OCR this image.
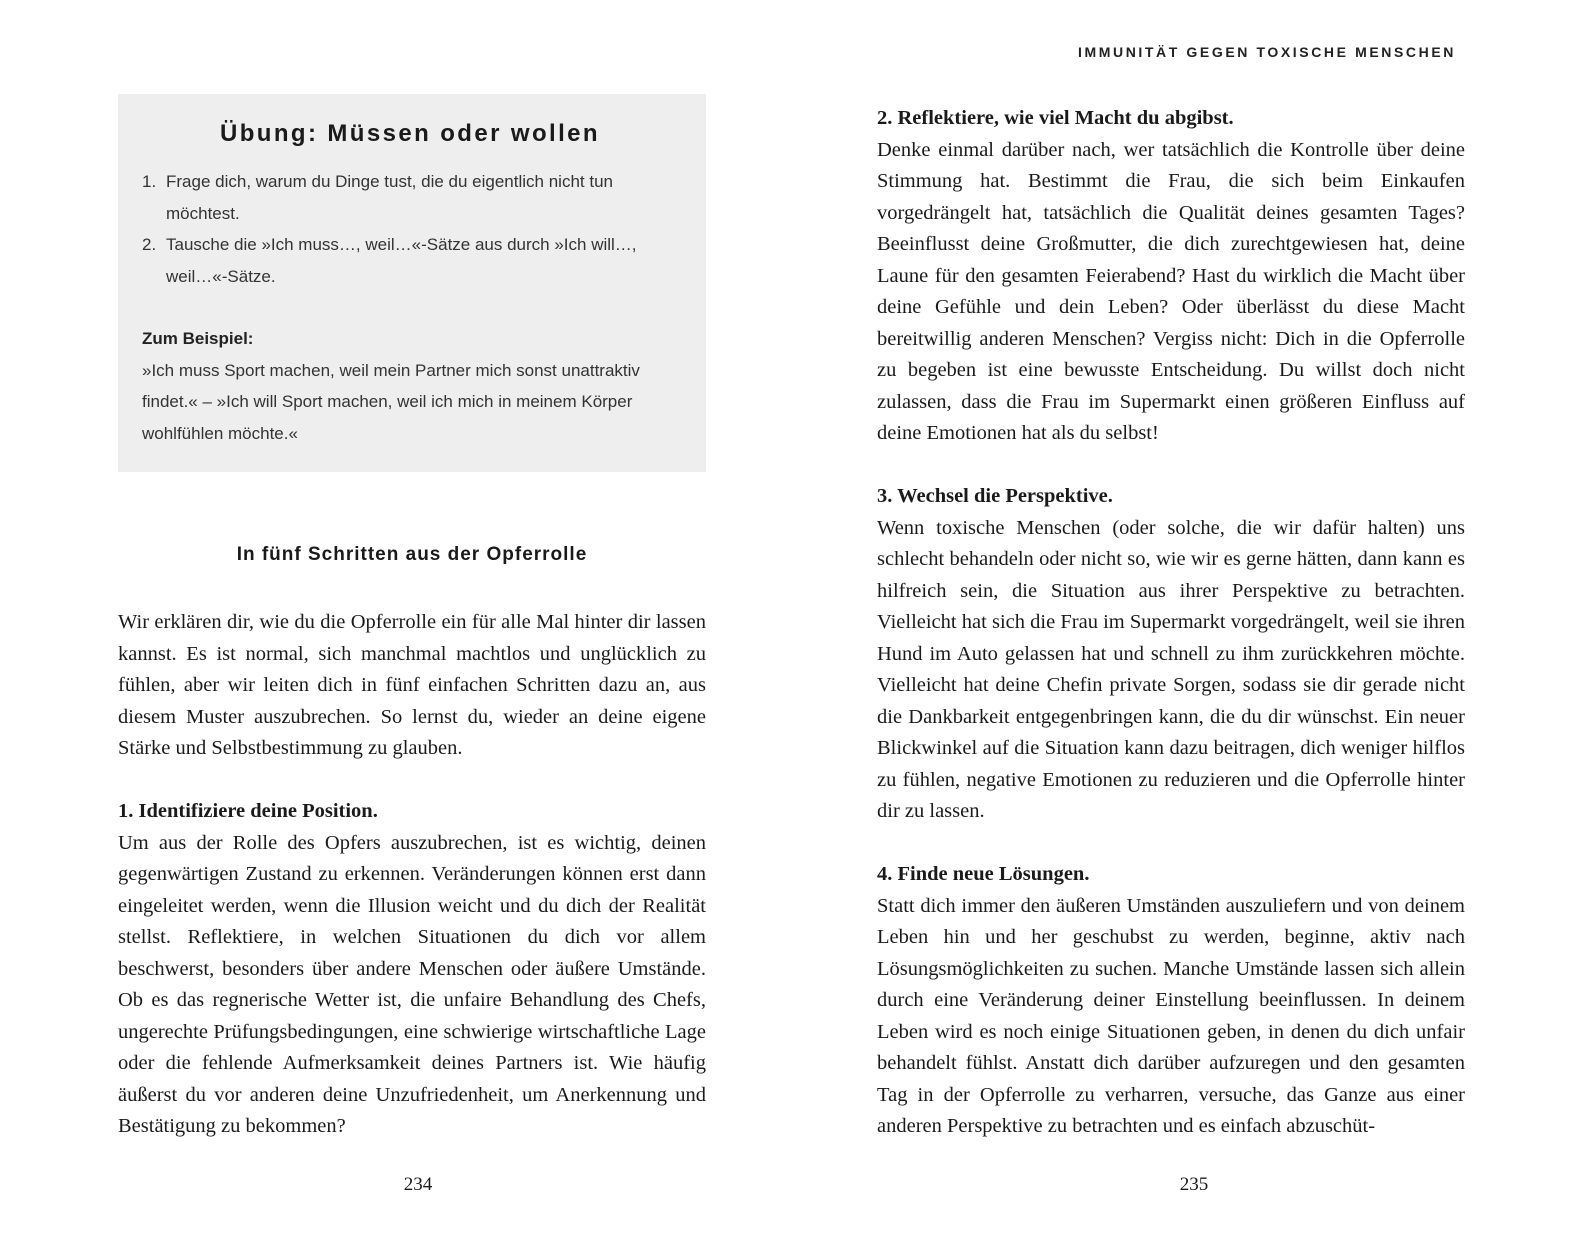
Übung: Müssen oder wollen
1. Frage dich, warum du Dinge tust, die du eigentlich nicht tun möchtest.
2. Tausche die »Ich muss…, weil…«-Sätze aus durch »Ich will…, weil…«-Sätze.
Zum Beispiel:
»Ich muss Sport machen, weil mein Partner mich sonst unattraktiv findet.« – »Ich will Sport machen, weil ich mich in meinem Körper wohlfühlen möchte.«
In fünf Schritten aus der Opferrolle

Wir erklären dir, wie du die Opferrolle ein für alle Mal hinter dir lassen kannst. Es ist normal, sich manchmal machtlos und unglücklich zu fühlen, aber wir leiten dich in fünf einfachen Schritten dazu an, aus diesem Muster auszubrechen. So lernst du, wieder an deine eigene Stärke und Selbstbestimmung zu glauben.

1. Identifiziere deine Position.

Um aus der Rolle des Opfers auszubrechen, ist es wichtig, deinen gegenwärtigen Zustand zu erkennen. Veränderungen können erst dann eingeleitet werden, wenn die Illusion weicht und du dich der Realität stellst. Reflektiere, in welchen Situationen du dich vor allem beschwerst, besonders über andere Menschen oder äußere Umstände. Ob es das regnerische Wetter ist, die unfaire Behandlung des Chefs, ungerechte Prüfungsbedingungen, eine schwierige wirtschaftliche Lage oder die fehlende Aufmerksamkeit deines Partners ist. Wie häufig äußerst du vor anderen deine Unzufriedenheit, um Anerkennung und Bestätigung zu bekommen?

234
IMMUNITÄT GEGEN TOXISCHE MENSCHEN
2. Reflektiere, wie viel Macht du abgibst.

Denke einmal darüber nach, wer tatsächlich die Kontrolle über deine Stimmung hat. Bestimmt die Frau, die sich beim Einkaufen vorgedrängelt hat, tatsächlich die Qualität deines gesamten Tages? Beeinflusst deine Großmutter, die dich zurechtgewiesen hat, deine Laune für den gesamten Feierabend? Hast du wirklich die Macht über deine Gefühle und dein Leben? Oder überlässt du diese Macht bereitwillig anderen Menschen? Vergiss nicht: Dich in die Opferrolle zu begeben ist eine bewusste Entscheidung. Du willst doch nicht zulassen, dass die Frau im Supermarkt einen größeren Einfluss auf deine Emotionen hat als du selbst!

3. Wechsel die Perspektive.

Wenn toxische Menschen (oder solche, die wir dafür halten) uns schlecht behandeln oder nicht so, wie wir es gerne hätten, dann kann es hilfreich sein, die Situation aus ihrer Perspektive zu betrachten. Vielleicht hat sich die Frau im Supermarkt vorgedrängelt, weil sie ihren Hund im Auto gelassen hat und schnell zu ihm zurückkehren möchte. Vielleicht hat deine Chefin private Sorgen, sodass sie dir gerade nicht die Dankbarkeit entgegenbringen kann, die du dir wünschst. Ein neuer Blickwinkel auf die Situation kann dazu beitragen, dich weniger hilflos zu fühlen, negative Emotionen zu reduzieren und die Opferrolle hinter dir zu lassen.

4. Finde neue Lösungen.

Statt dich immer den äußeren Umständen auszuliefern und von deinem Leben hin und her geschubst zu werden, beginne, aktiv nach Lösungsmöglichkeiten zu suchen. Manche Umstände lassen sich allein durch eine Veränderung deiner Einstellung beeinflussen. In deinem Leben wird es noch einige Situationen geben, in denen du dich unfair behandelt fühlst. Anstatt dich darüber aufzuregen und den gesamten Tag in der Opferrolle zu verharren, versuche, das Ganze aus einer anderen Perspektive zu betrachten und es einfach abzuschüt-

235
